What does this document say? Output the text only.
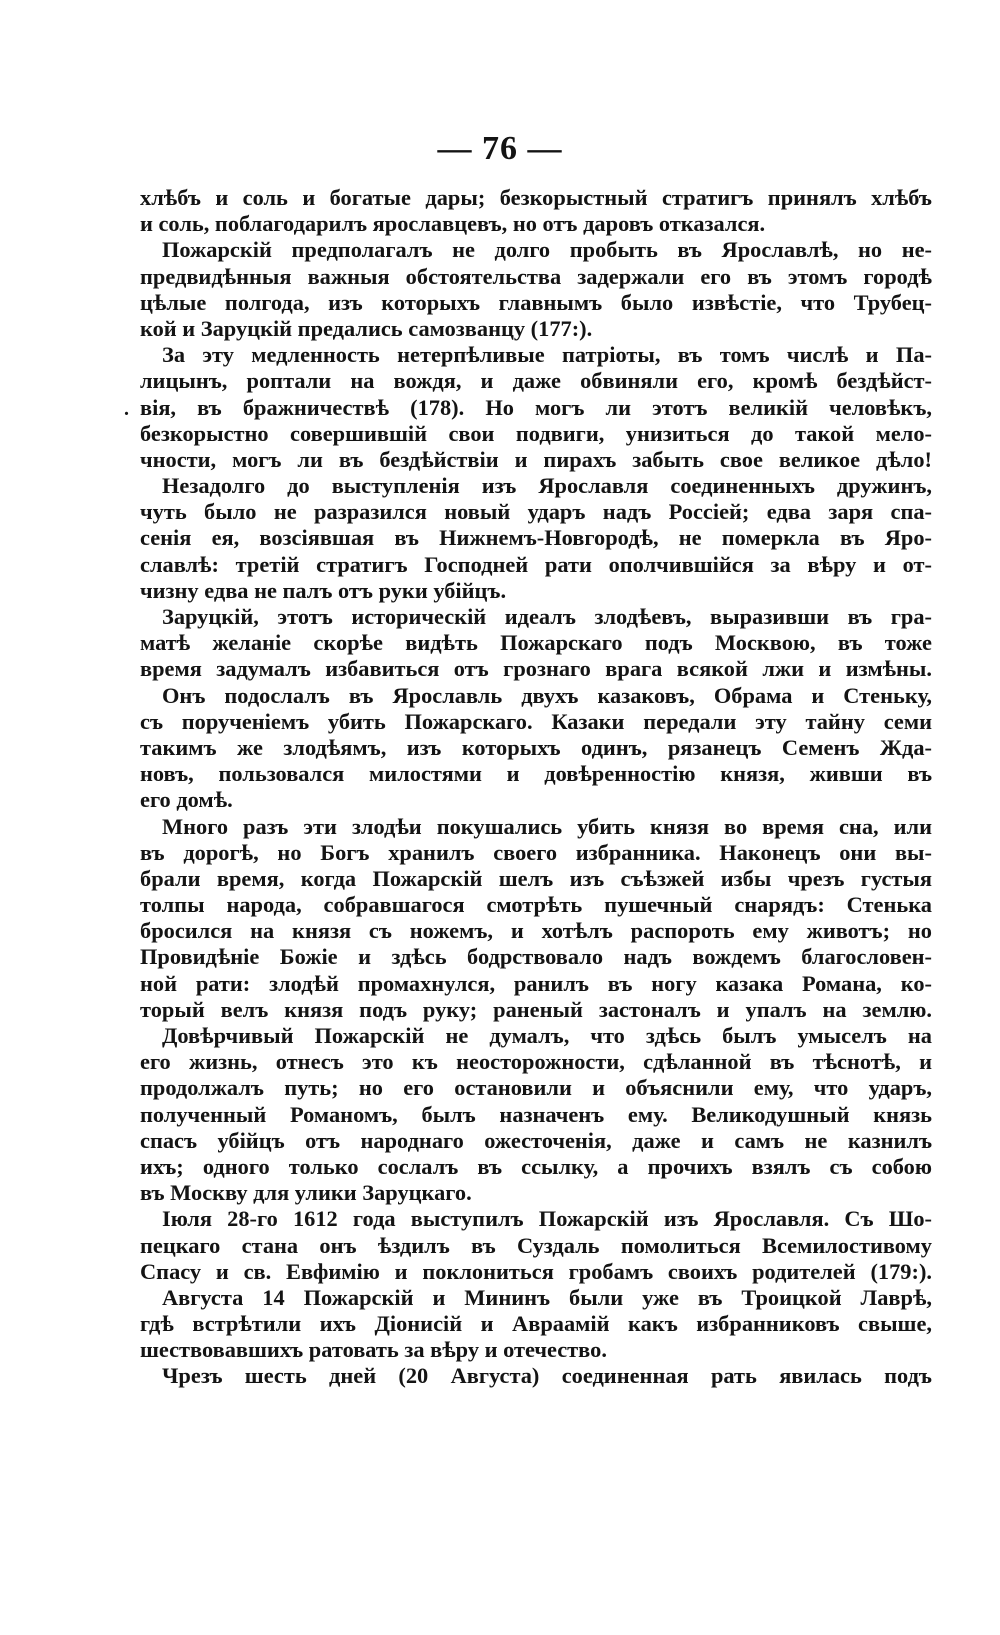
— 76 —
хлѣбъ и соль и богатые дары; безкорыстный стратигъ принялъ хлѣбъ
и соль, поблагодарилъ ярославцевъ, но отъ даровъ отказался.
Пожарскій предполагалъ не долго пробыть въ Ярославлѣ, но не-
предвидѣнныя важныя обстоятельства задержали его въ этомъ городѣ
цѣлые полгода, изъ которыхъ главнымъ было извѣстіе, что Трубец-
кой и Заруцкій предались самозванцу (177:).
За эту медленность нетерпѣливые патріоты, въ томъ числѣ и Па-
лицынъ, роптали на вождя, и даже обвиняли его, кромѣ бездѣйст-
вія, въ бражничествѣ (178). Но могъ ли этотъ великій человѣкъ,
безкорыстно совершившій свои подвиги, унизиться до такой мело-
чности, могъ ли въ бездѣйствіи и пирахъ забыть свое великое дѣло!
Незадолго до выступленія изъ Ярославля соединенныхъ дружинъ,
чуть было не разразился новый ударъ надъ Россіей; едва заря спа-
сенія ея, возсіявшая въ Нижнемъ-Новгородѣ, не померкла въ Яро-
славлѣ: третій стратигъ Господней рати ополчившійся за вѣру и от-
чизну едва не палъ отъ руки убійцъ.
Заруцкій, этотъ историческій идеалъ злодѣевъ, выразивши въ гра-
матѣ желаніе скорѣе видѣть Пожарскаго подъ Москвою, въ тоже
время задумалъ избавиться отъ грознаго врага всякой лжи и измѣны.
Онъ подослалъ въ Ярославль двухъ казаковъ, Обрама и Стеньку,
съ порученіемъ убить Пожарскаго. Казаки передали эту тайну семи
такимъ же злодѣямъ, изъ которыхъ одинъ, рязанецъ Семенъ Жда-
новъ, пользовался милостями и довѣренностію князя, живши въ
его домѣ.
Много разъ эти злодѣи покушались убить князя во время сна, или
въ дорогѣ, но Богъ хранилъ своего избранника. Наконецъ они вы-
брали время, когда Пожарскій шелъ изъ съѣзжей избы чрезъ густыя
толпы народа, собравшагося смотрѣть пушечный снарядъ: Стенька
бросился на князя съ ножемъ, и хотѣлъ распороть ему животъ; но
Провидѣніе Божіе и здѣсь бодрствовало надъ вождемъ благословен-
ной рати: злодѣй промахнулся, ранилъ въ ногу казака Романа, ко-
торый велъ князя подъ руку; раненый застоналъ и упалъ на землю.
Довѣрчивый Пожарскій не думалъ, что здѣсь былъ умыселъ на
его жизнь, отнесъ это къ неосторожности, сдѣланной въ тѣснотѣ, и
продолжалъ путь; но его остановили и объяснили ему, что ударъ,
полученный Романомъ, былъ назначенъ ему. Великодушный князь
спасъ убійцъ отъ народнаго ожесточенія, даже и самъ не казнилъ
ихъ; одного только сослалъ въ ссылку, а прочихъ взялъ съ собою
въ Москву для улики Заруцкаго.
Іюля 28-го 1612 года выступилъ Пожарскій изъ Ярославля. Съ Шо-
пецкаго стана онъ ѣздилъ въ Суздаль помолиться Всемилостивому
Спасу и св. Евфимію и поклониться гробамъ своихъ родителей (179:).
Августа 14 Пожарскій и Мининъ были уже въ Троицкой Лаврѣ,
гдѣ встрѣтили ихъ Діонисій и Авраамій какъ избранниковъ свыше,
шествовавшихъ ратовать за вѣру и отечество.
Чрезъ шесть дней (20 Августа) соединенная рать явилась подъ
.
